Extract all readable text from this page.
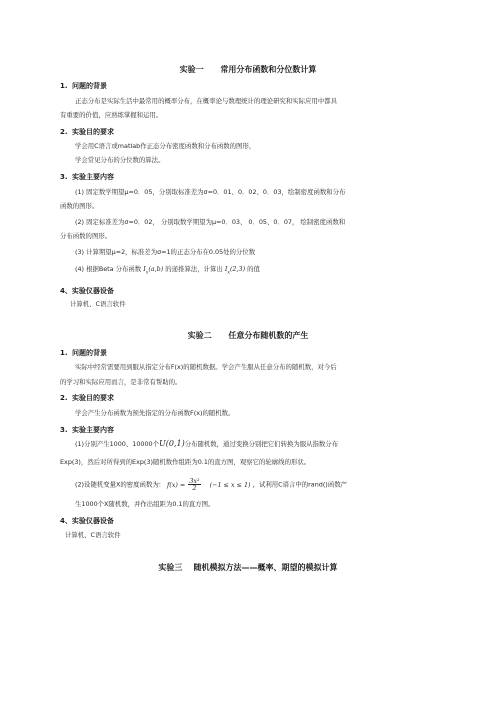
实验一      常用分布函数和分位数计算
1. 问题的背景
正态分布是实际生活中最常用的概率分布，在概率论与数理统计的理论研究和实际应用中都具
有重要的价值，应熟练掌握和运用。
2. 实验目的要求
学会用C语言或matlab作正态分布密度函数和分布函数的图形，
学会常见分布的分位数的算法。
3. 实验主要内容
(1) 固定数学期望μ=0．05，分别取标准差为σ=0．01、0．02、0．03，绘制密度函数和分布
函数的图形。
(2) 固定标准差为σ=0．02， 分别取数学期望为μ=0．03、 0．05、0．07， 绘制密度函数和
分布函数的图形。
(3) 计算期望μ=2，标准差为σ=1的正态分布在0.05处的分位数
(4) 根据Beta 分布函数 $I_x(a,b)$ 的递推算法，计算出 $I_x(2,3)$ 的值
4、实验仪器设备
计算机、C语言软件
实验二      任意分布随机数的产生
1. 问题的背景
实际中经常需要用到服从指定分布F(x)的随机数据。学会产生服从任意分布的随机数，对今后
的学习和实际应用而言，是非常有帮助的。
2. 实验目的要求
学会产生分布函数为预先指定的分布函数F(x)的随机数。
3. 实验主要内容
(1)分别产生1000、10000个U(0,1)分布随机数，通过变换分别把它们转换为服从指数分布
Exp(3)，然后对所得到的Exp(3)随机数作组距为0.1的直方图，观察它的轮廓线的形状。
(2)设随机变量X的密度函数为: $f(x) = \frac{\text{3x²}}{2} (-1 \le x \le 1)$ ，试利用C语言中的rand()函数产
生1000个X随机数，并作出组距为0.1的直方图。
4、实验仪器设备
计算机、C语言软件
实验三    随机模拟方法——概率、期望的模拟计算
